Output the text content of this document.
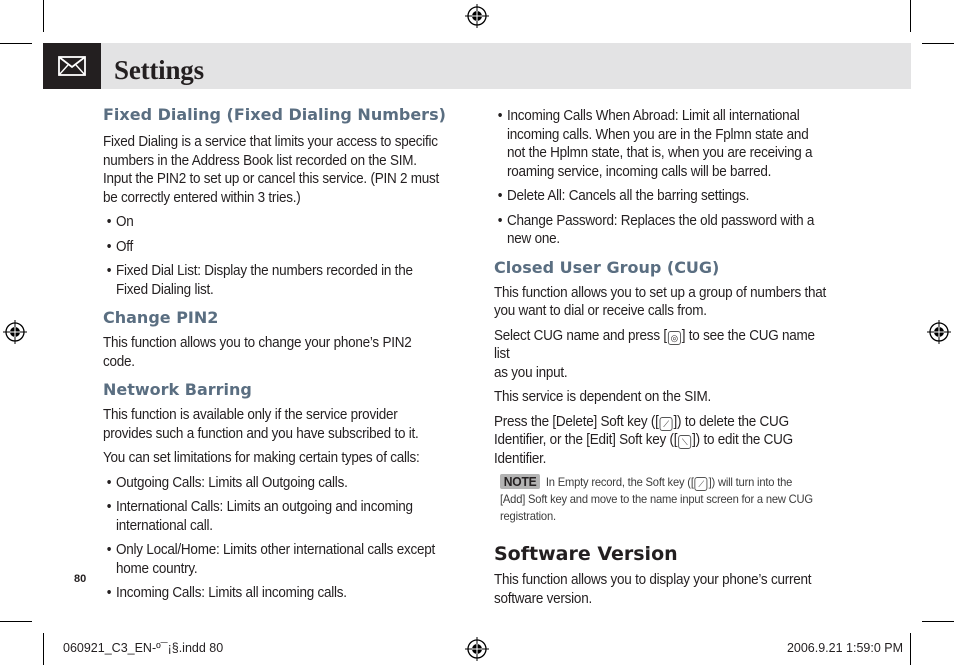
Settings
Fixed Dialing (Fixed Dialing Numbers)
Fixed Dialing is a service that limits your access to specific
numbers in the Address Book list recorded on the SIM.
Input the PIN2 to set up or cancel this service. (PIN 2 must
be correctly entered within 3 tries.)
• On
• Off
• Fixed Dial List: Display the numbers recorded in the
Fixed Dialing list.
Change PIN2
This function allows you to change your phone’s PIN2 code.
Network Barring
This function is available only if the service provider
provides such a function and you have subscribed to it.
You can set limitations for making certain types of calls:
• Outgoing Calls: Limits all Outgoing calls.
• International Calls: Limits an outgoing and incoming
international call.
• Only Local/Home: Limits other international calls except
home country.
• Incoming Calls: Limits all incoming calls.
• Incoming Calls When Abroad: Limit all international
incoming calls. When you are in the Fplmn state and
not the Hplmn state, that is, when you are receiving a
roaming service, incoming calls will be barred.
• Delete All: Cancels all the barring settings.
• Change Password: Replaces the old password with a
new one.
Closed User Group (CUG)
This function allows you to set up a group of numbers that
you want to dial or receive calls from.
Select CUG name and press [ ◎ ] to see the CUG name list
as you input.
This service is dependent on the SIM.
Press the [Delete] Soft key ([ ⟋ ]) to delete the CUG
Identifier, or the [Edit] Soft key ([ ⟍ ]) to edit the CUG
Identifier.
NOTE In Empty record, the Soft key ([ ⟋ ]) will turn into the
[Add] Soft key and move to the name input screen for a new CUG
registration.
Software Version
This function allows you to display your phone’s current
software version.
80
060921_C3_EN-º¯¡§.indd 80	2006.9.21 1:59:0 PM
